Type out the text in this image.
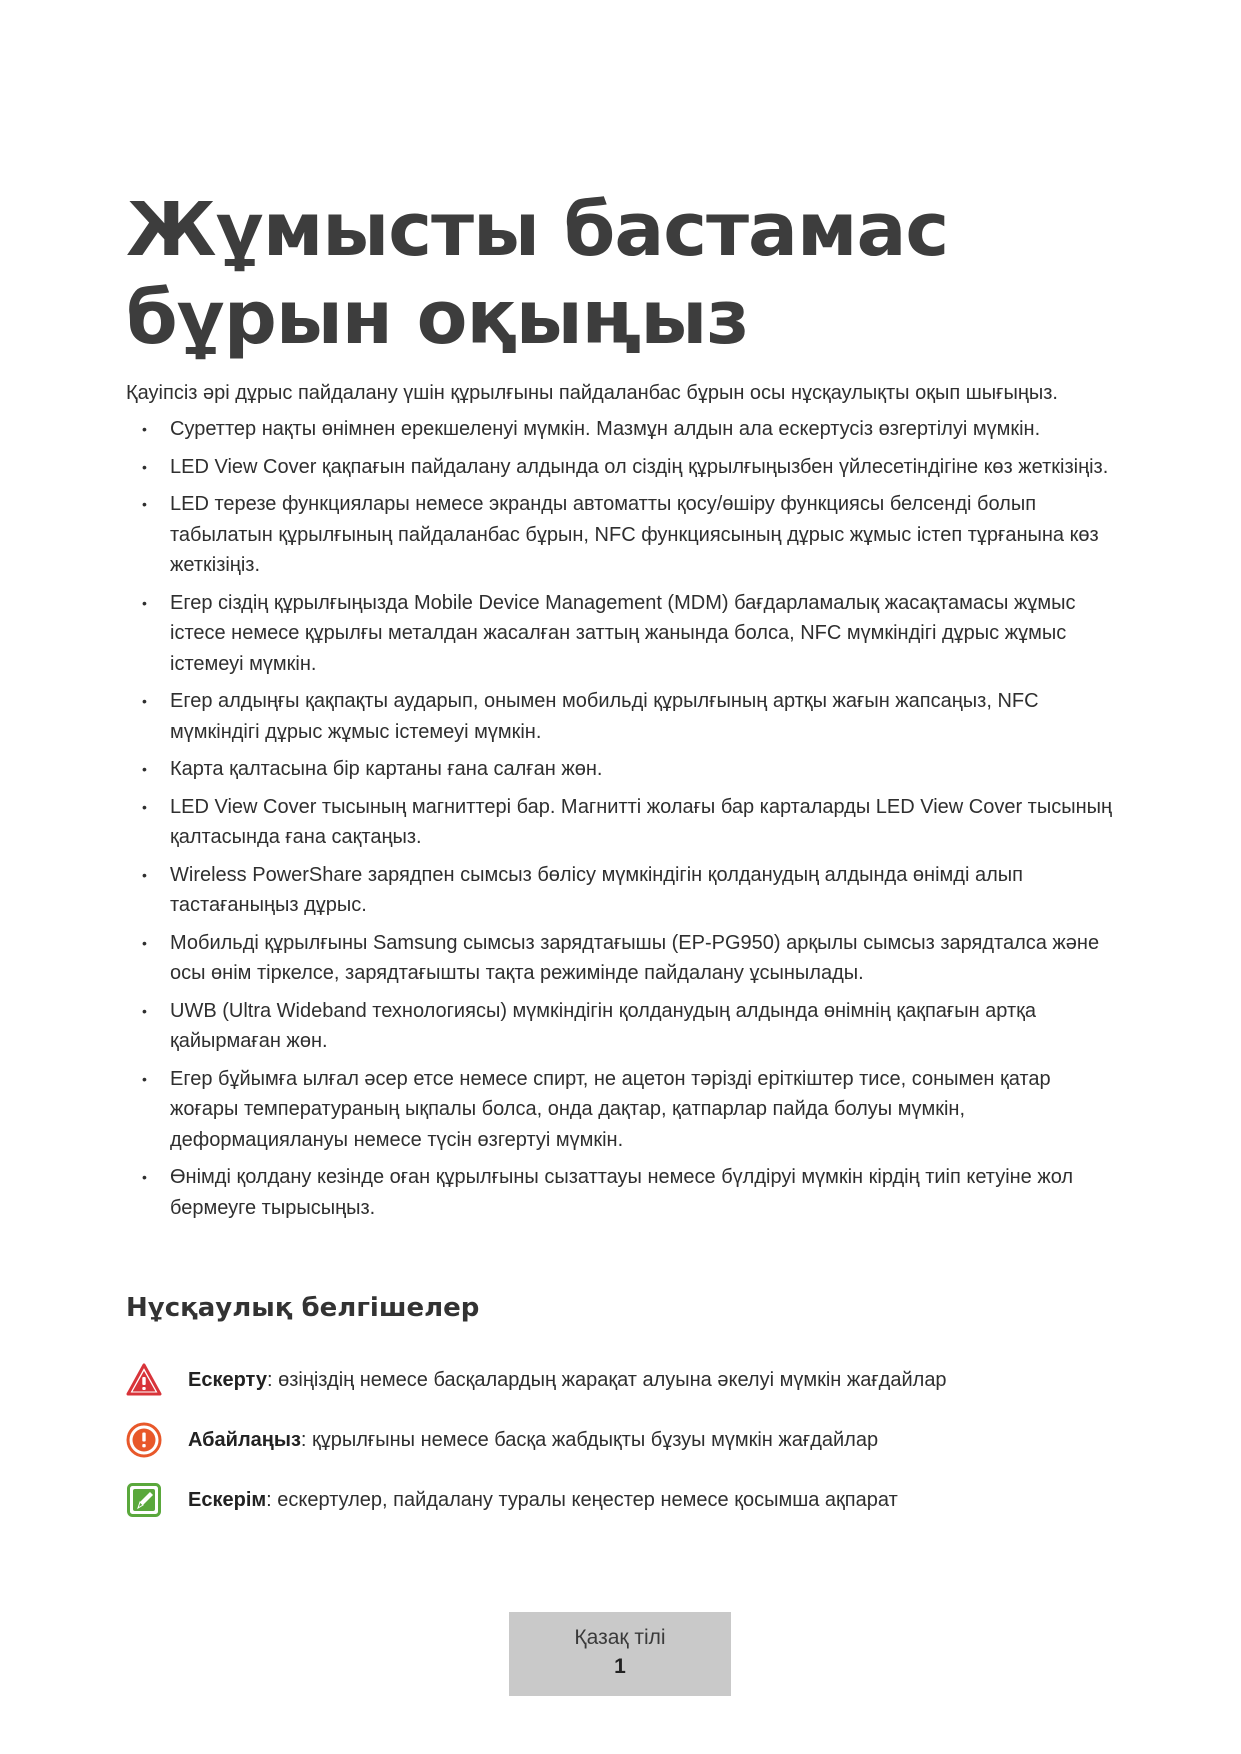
Жұмысты бастамас бұрын оқыңыз

Қауіпсіз әрі дұрыс пайдалану үшін құрылғыны пайдаланбас бұрын осы нұсқаулықты оқып шығыңыз.

• Суреттер нақты өнімнен ерекшеленуі мүмкін. Мазмұн алдын ала ескертусіз өзгертілуі мүмкін.
• LED View Cover қақпағын пайдалану алдында ол сіздің құрылғыңызбен үйлесетіндігіне көз жеткізіңіз.
• LED терезе функциялары немесе экранды автоматты қосу/өшіру функциясы белсенді болып табылатын құрылғының пайдаланбас бұрын, NFC функциясының дұрыс жұмыс істеп тұрғанына көз жеткізіңіз.
• Егер сіздің құрылғыңызда Mobile Device Management (MDM) бағдарламалық жасақтамасы жұмыс істесе немесе құрылғы металдан жасалған заттың жанында болса, NFC мүмкіндігі дұрыс жұмыс істемеуі мүмкін.
• Егер алдыңғы қақпақты аударып, онымен мобильді құрылғының артқы жағын жапсаңыз, NFC мүмкіндігі дұрыс жұмыс істемеуі мүмкін.
• Карта қалтасына бір картаны ғана салған жөн.
• LED View Cover тысының магниттері бар. Магнитті жолағы бар карталарды LED View Cover тысының қалтасында ғана сақтаңыз.
• Wireless PowerShare зарядпен сымсыз бөлісу мүмкіндігін қолданудың алдында өнімді алып тастағаныңыз дұрыс.
• Мобильді құрылғыны Samsung сымсыз зарядтағышы (EP-PG950) арқылы сымсыз зарядталса және осы өнім тіркелсе, зарядтағышты тақта режимінде пайдалану ұсынылады.
• UWB (Ultra Wideband технологиясы) мүмкіндігін қолданудың алдында өнімнің қақпағын артқа қайырмаған жөн.
• Егер бұйымға ылғал әсер етсе немесе спирт, не ацетон тәрізді еріткіштер тисе, сонымен қатар жоғары температураның ықпалы болса, онда дақтар, қатпарлар пайда болуы мүмкін, деформациялануы немесе түсін өзгертуі мүмкін.
• Өнімді қолдану кезінде оған құрылғыны сызаттауы немесе бүлдіруі мүмкін кірдің тиіп кетуіне жол бермеуге тырысыңыз.
Нұсқаулық белгішелер
Ескерту: өзіңіздің немесе басқалардың жарақат алуына әкелуі мүмкін жағдайлар
Абайлаңыз: құрылғыны немесе басқа жабдықты бұзуы мүмкін жағдайлар
Ескерім: ескертулер, пайдалану туралы кеңестер немесе қосымша ақпарат
Қазақ тілі
1
